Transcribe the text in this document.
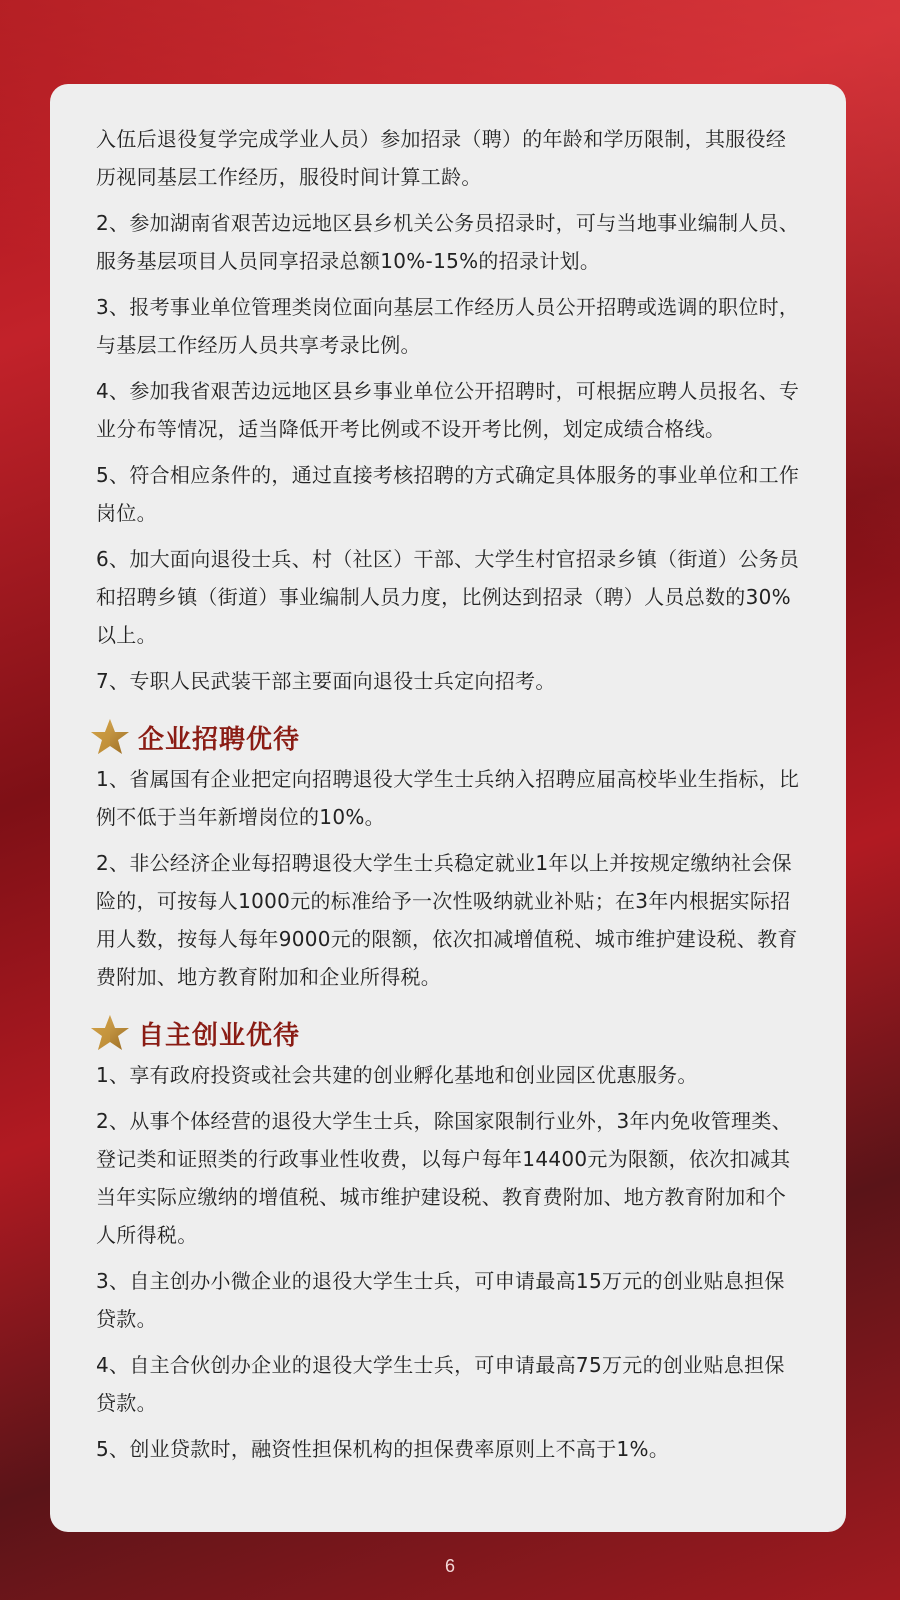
入伍后退役复学完成学业人员）参加招录（聘）的年龄和学历限制，其服役经历视同基层工作经历，服役时间计算工龄。

2、参加湖南省艰苦边远地区县乡机关公务员招录时，可与当地事业编制人员、服务基层项目人员同享招录总额10%-15%的招录计划。

3、报考事业单位管理类岗位面向基层工作经历人员公开招聘或选调的职位时，与基层工作经历人员共享考录比例。

4、参加我省艰苦边远地区县乡事业单位公开招聘时，可根据应聘人员报名、专业分布等情况，适当降低开考比例或不设开考比例，划定成绩合格线。

5、符合相应条件的，通过直接考核招聘的方式确定具体服务的事业单位和工作岗位。

6、加大面向退役士兵、村（社区）干部、大学生村官招录乡镇（街道）公务员和招聘乡镇（街道）事业编制人员力度，比例达到招录（聘）人员总数的30%以上。

7、专职人民武装干部主要面向退役士兵定向招考。

企业招聘优待

1、省属国有企业把定向招聘退役大学生士兵纳入招聘应届高校毕业生指标，比例不低于当年新增岗位的10%。

2、非公经济企业每招聘退役大学生士兵稳定就业1年以上并按规定缴纳社会保险的，可按每人1000元的标准给予一次性吸纳就业补贴；在3年内根据实际招用人数，按每人每年9000元的限额，依次扣减增值税、城市维护建设税、教育费附加、地方教育附加和企业所得税。

自主创业优待

1、享有政府投资或社会共建的创业孵化基地和创业园区优惠服务。

2、从事个体经营的退役大学生士兵，除国家限制行业外，3年内免收管理类、登记类和证照类的行政事业性收费，以每户每年14400元为限额，依次扣减其当年实际应缴纳的增值税、城市维护建设税、教育费附加、地方教育附加和个人所得税。

3、自主创办小微企业的退役大学生士兵，可申请最高15万元的创业贴息担保贷款。

4、自主合伙创办企业的退役大学生士兵，可申请最高75万元的创业贴息担保贷款。

5、创业贷款时，融资性担保机构的担保费率原则上不高于1%。

6
